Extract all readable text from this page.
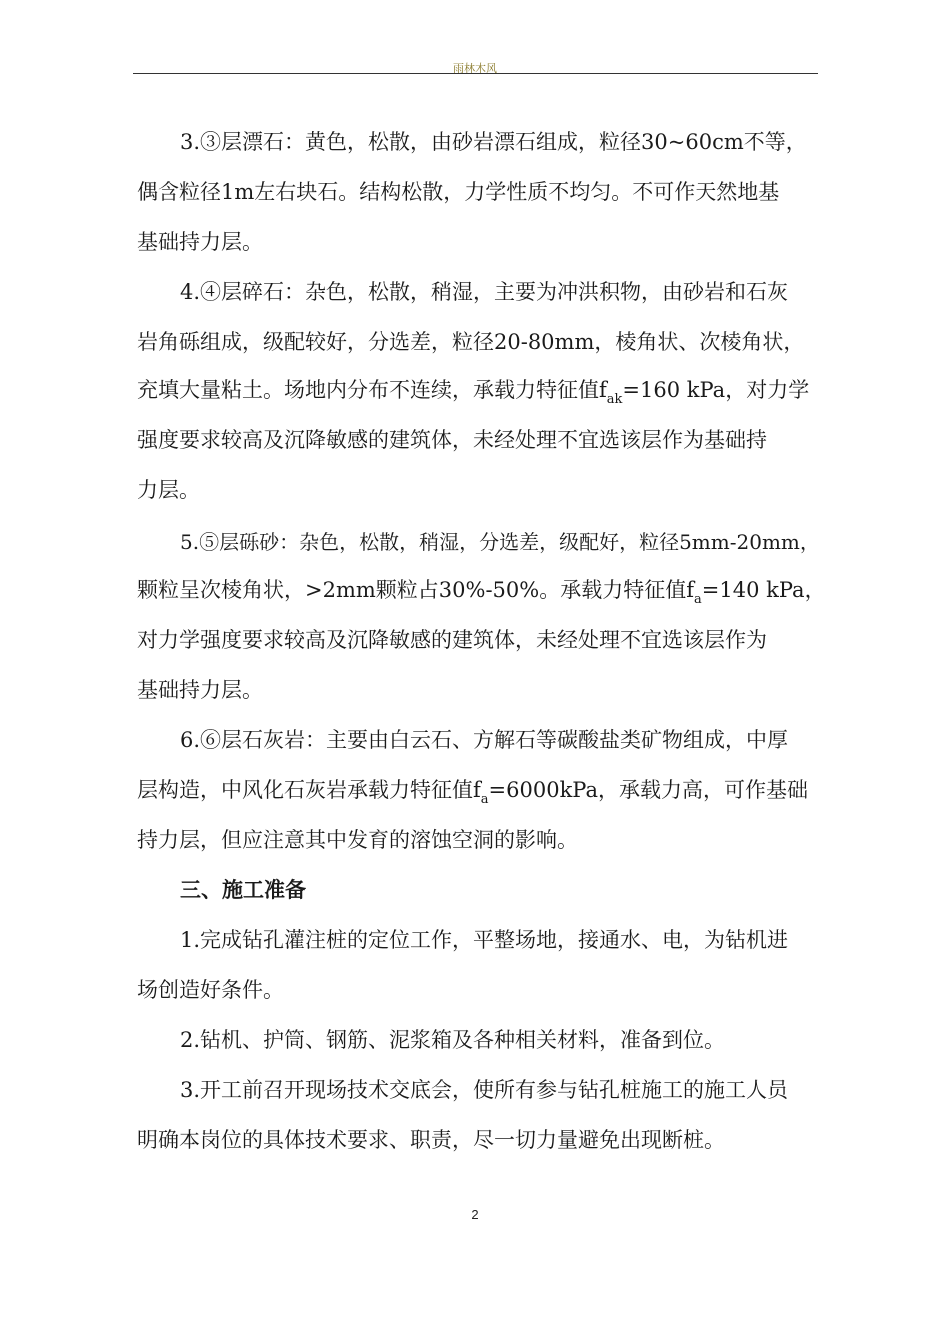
雨林木风
3.③层漂石：黄色，松散，由砂岩漂石组成，粒径30~60cm不等，
偶含粒径1m左右块石。结构松散，力学性质不均匀。不可作天然地基
基础持力层。
4.④层碎石：杂色，松散，稍湿，主要为冲洪积物，由砂岩和石灰
岩角砾组成，级配较好，分选差，粒径20-80mm，棱角状、次棱角状，
充填大量粘土。场地内分布不连续，承载力特征值$f_{ak}=160$ kPa，对力学
强度要求较高及沉降敏感的建筑体，未经处理不宜选该层作为基础持
力层。
5.⑤层砾砂：杂色，松散，稍湿，分选差，级配好，粒径5mm-20mm，
颗粒呈次棱角状，>2mm颗粒占30%-50%。承载力特征值$f_a=140$ kPa，
对力学强度要求较高及沉降敏感的建筑体，未经处理不宜选该层作为
基础持力层。
6.⑥层石灰岩：主要由白云石、方解石等碳酸盐类矿物组成，中厚
层构造，中风化石灰岩承载力特征值$f_a=6000kPa$，承载力高，可作基础
持力层，但应注意其中发育的溶蚀空洞的影响。
三、施工准备
1.完成钻孔灌注桩的定位工作，平整场地，接通水、电，为钻机进
场创造好条件。
2.钻机、护筒、钢筋、泥浆箱及各种相关材料，准备到位。
3.开工前召开现场技术交底会，使所有参与钻孔桩施工的施工人员
明确本岗位的具体技术要求、职责，尽一切力量避免出现断桩。
2
